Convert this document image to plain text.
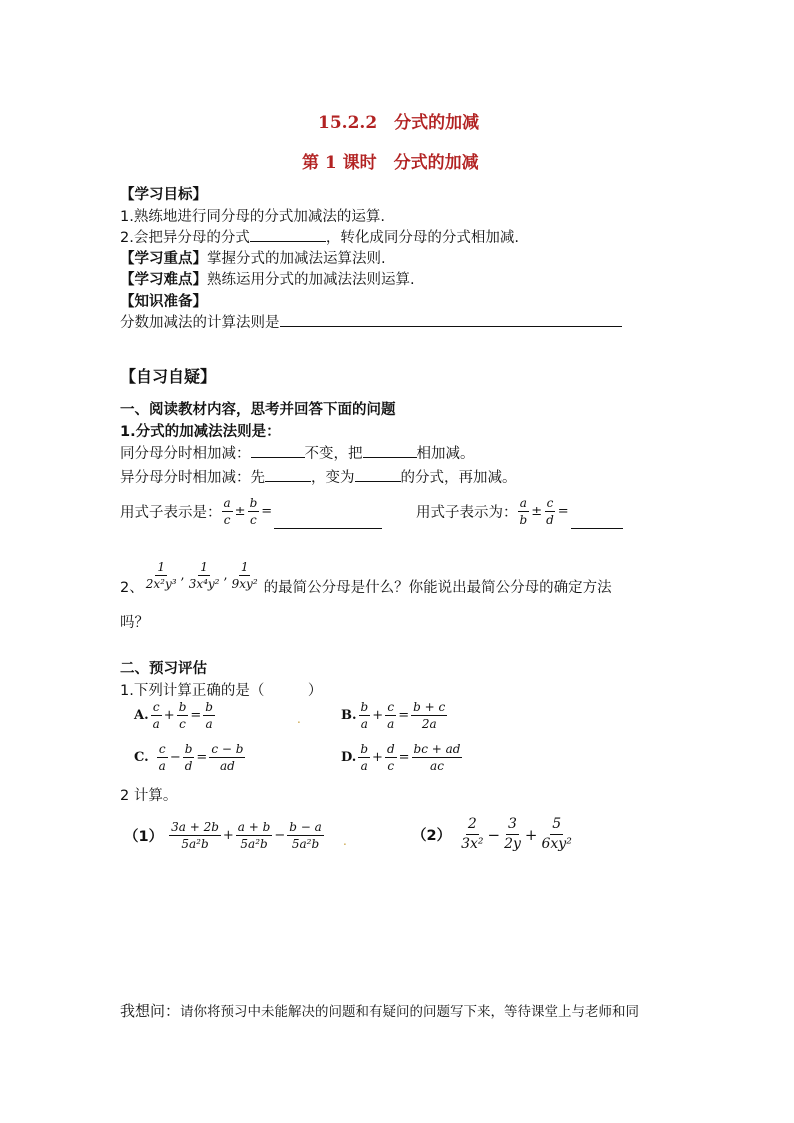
15.2.2　分式的加减
第 1 课时　分式的加减
【学习目标】
1.熟练地进行同分母的分式加减法的运算.
2.会把异分母的分式	，转化成同分母的分式相加减.
【学习重点】掌握分式的加减法运算法则.
【学习难点】熟练运用分式的加减法法则运算.
【知识准备】
分数加减法的计算法则是
【自习自疑】
一、阅读教材内容，思考并回答下面的问题
1.分式的加减法法则是：
同分母分时相加减：	不变，把	相加减。
异分母分时相加减：先	，变为	的分式，再加减。
用式子表示是： $\frac{a}{c} \pm \frac{b}{c}$ =	用式子表示为： $\frac{a}{b} \pm \frac{c}{d}$ =
2、 $\frac{1}{\text{2x²y³}}$ , $\frac{1}{\text{3x⁴y²}}$ , $\frac{1}{\text{9xy²}}$ 的最简公分母是什么？你能说出最简公分母的确定方法
吗？
二、预习评估
1.下列计算正确的是（　　　）
A. $\frac{c}{a} + \frac{b}{c} = \frac{b}{a}$	.	B. $\frac{b}{a} + \frac{c}{a} = \frac{b + c}{2a}$
C. $\frac{c}{a} - \frac{b}{d} = \frac{c - b}{ad}$	D. $\frac{b}{a} + \frac{d}{c} = \frac{bc + ad}{ac}$
2 计算。
$(1) \frac{3a + 2b}{\text{5a²b}} + \frac{a + b}{\text{5a²b}} - \frac{b - a}{\text{5a²b}}$ .	$(2) \frac{2}{\text{3x²}} - \frac{3}{2y} + \frac{5}{\text{6xy²}}$
我想问：请你将预习中未能解决的问题和有疑问的问题写下来，等待课堂上与老师和同
